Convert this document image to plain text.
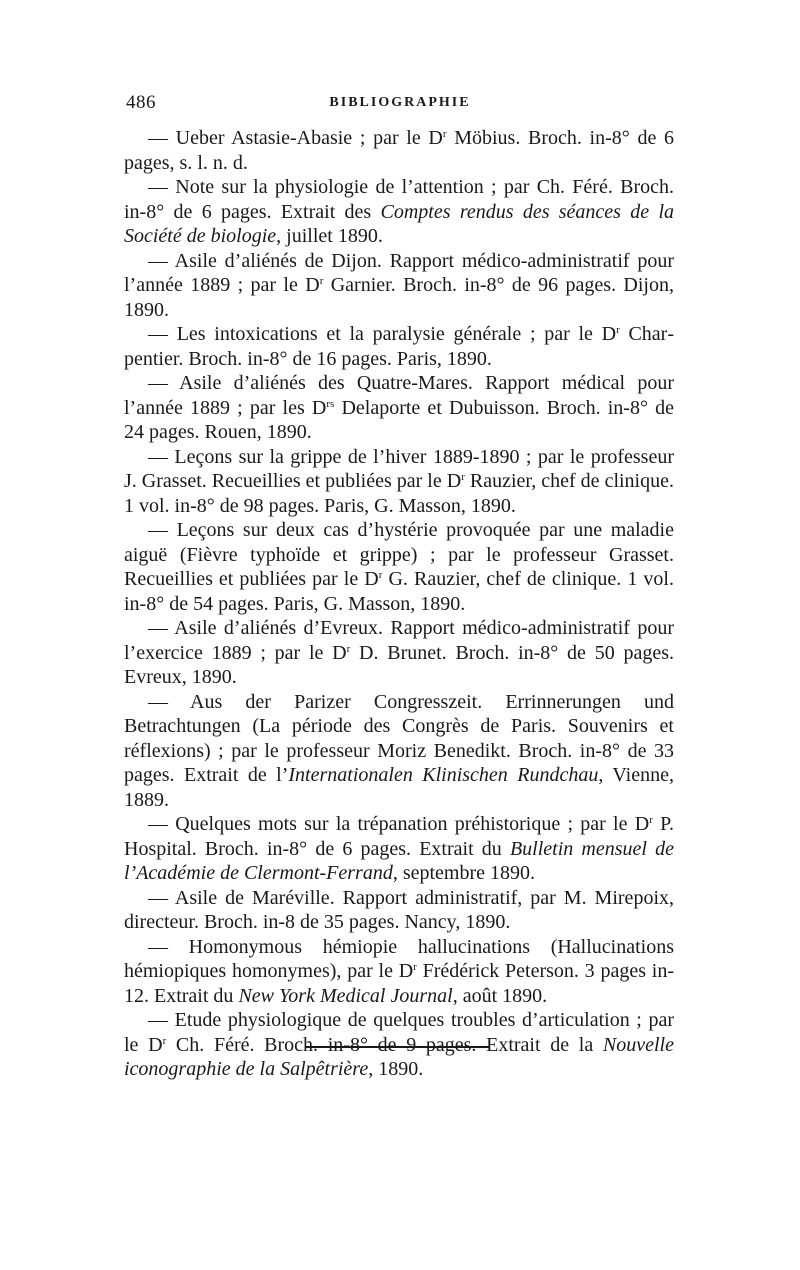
486	BIBLIOGRAPHIE

— Ueber Astasie-Abasie ; par le $D^r$ Möbius. Broch. in-8° de 6 pages, s. l. n. d.

— Note sur la physiologie de l’attention ; par Ch. Féré. Broch. in-8° de 6 pages. Extrait des Comptes rendus des séances de la Société de biologie, juillet 1890.

— Asile d’aliénés de Dijon. Rapport médico-administratif pour l’année 1889 ; par le $D^r$ Garnier. Broch. in-8° de 96 pages. Dijon, 1890.

— Les intoxications et la paralysie générale ; par le $D^r$ Charpentier. Broch. in-8° de 16 pages. Paris, 1890.

— Asile d’aliénés des Quatre-Mares. Rapport médical pour l’année 1889 ; par les $D^{rs}$ Delaporte et Dubuisson. Broch. in-8° de 24 pages. Rouen, 1890.

— Leçons sur la grippe de l’hiver 1889-1890 ; par le professeur J. Grasset. Recueillies et publiées par le $D^r$ Rauzier, chef de clinique. 1 vol. in-8° de 98 pages. Paris, G. Masson, 1890.

— Leçons sur deux cas d’hystérie provoquée par une maladie aiguë (Fièvre typhoïde et grippe) ; par le professeur Grasset. Recueillies et publiées par le $D^r$ G. Rauzier, chef de clinique. 1 vol. in-8° de 54 pages. Paris, G. Masson, 1890.

— Asile d’aliénés d’Evreux. Rapport médico-administratif pour l’exercice 1889 ; par le $D^r$ D. Brunet. Broch. in-8° de 50 pages. Evreux, 1890.

— Aus der Parizer Congresszeit. Errinnerungen und Betrachtungen (La période des Congrès de Paris. Souvenirs et réflexions) ; par le professeur Moriz Benedikt. Broch. in-8° de 33 pages. Extrait de l’Internationalen Klinischen Rundchau, Vienne, 1889.

— Quelques mots sur la trépanation préhistorique ; par le $D^r$ P. Hospital. Broch. in-8° de 6 pages. Extrait du Bulletin mensuel de l’Académie de Clermont-Ferrand, septembre 1890.

— Asile de Maréville. Rapport administratif, par M. Mirepoix, directeur. Broch. in-8 de 35 pages. Nancy, 1890.

— Homonymous hémiopie hallucinations (Hallucinations hémiopiques homonymes), par le $D^r$ Frédérick Peterson. 3 pages in-12. Extrait du New York Medical Journal, août 1890.

— Etude physiologique de quelques troubles d’articulation ; par le $D^r$ Ch. Féré. Broch. in-8° de 9 pages. Extrait de la Nouvelle iconographie de la Salpêtrière, 1890.
